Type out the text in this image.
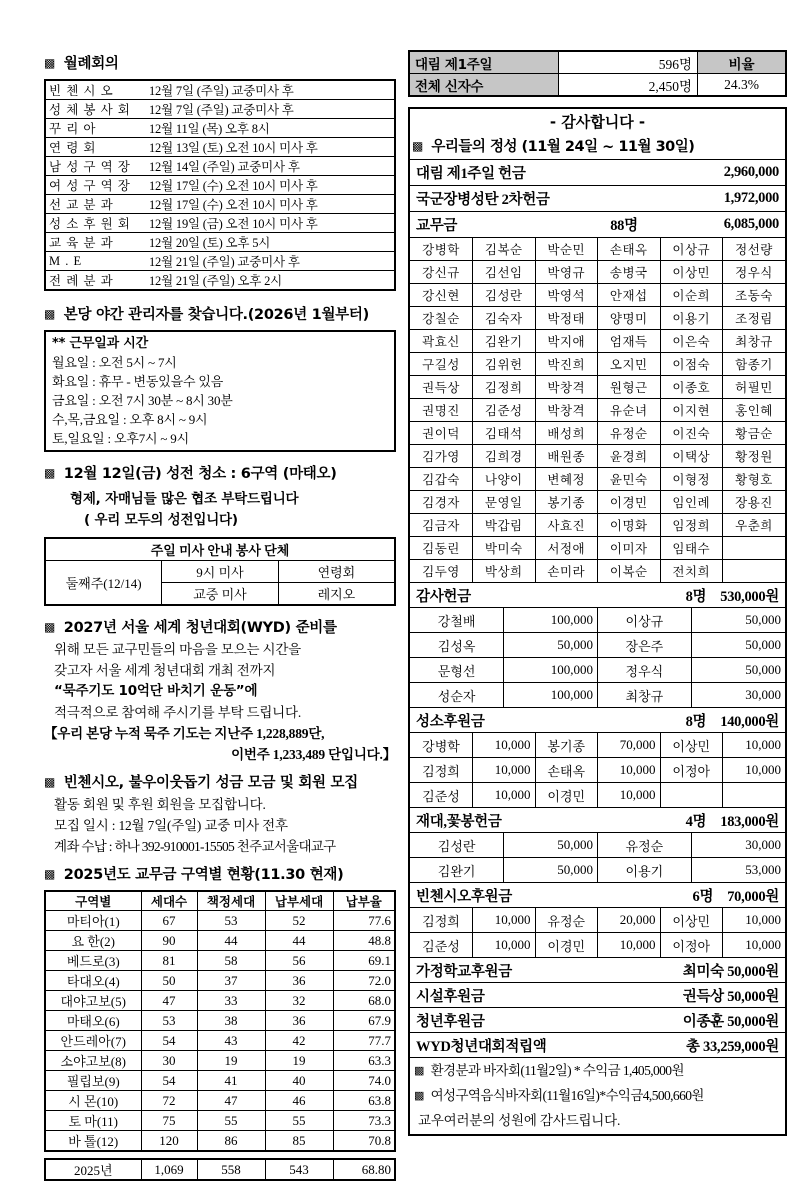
▩ 월례회의
빈 첸 시 오	12월 7일 (주일) 교중미사 후
성 체 봉 사 회	12월 7일 (주일) 교중미사 후
꾸 리 아	12월 11일 (목) 오후 8시
연 령 회	12월 13일 (토) 오전 10시 미사 후
남 성 구 역 장	12월 14일 (주일) 교중미사 후
여 성 구 역 장	12월 17일 (수) 오전 10시 미사 후
선 교 분 과	12월 17일 (수) 오전 10시 미사 후
성 소 후 원 회	12월 19일 (금) 오전 10시 미사 후
교 육 분 과	12월 20일 (토) 오후 5시
M . E	12월 21일 (주일) 교중미사 후
전 례 분 과	12월 21일 (주일) 오후 2시
▩ 본당 야간 관리자를 찾습니다.(2026년 1월부터)
** 근무일과 시간
월요일 : 오전 5시 ~ 7시
화요일 : 휴무 - 변동있을수 있음
금요일 : 오전 7시 30분 ~ 8시 30분
수,목,금요일 : 오후 8시 ~ 9시
토,일요일 : 오후7시 ~ 9시
▩ 12월 12일(금) 성전 청소 : 6구역 (마태오)
형제, 자매님들 많은 협조 부탁드립니다
( 우리 모두의 성전입니다)
주일 미사 안내 봉사 단체		
둘째주(12/14)	9시 미사	연령회
	교중 미사	레지오
▩ 2027년 서울 세계 청년대회(WYD) 준비를
위해 모든 교구민들의 마음을 모으는 시간을
갖고자 서울 세계 청년대회 개최 전까지
“묵주기도 10억단 바치기 운동”에
적극적으로 참여해 주시기를 부탁 드립니다.
【우리 본당 누적 묵주 기도는 지난주 1,228,889단,
이번주 1,233,489 단입니다.】
▩ 빈첸시오, 불우이웃돕기 성금 모금 및 회원 모집
활동 회원 및 후원 회원을 모집합니다.
모집 일시 : 12월 7일(주일) 교중 미사 전후
계좌 수납 : 하나 392-910001-15505 천주교서울대교구
▩ 2025년도 교무금 구역별 현황(11.30 현재)
구역별	세대수	책정세대	납부세대	납부율
마티아(1)	67	53	52	77.6
요 한(2)	90	44	44	48.8
베드로(3)	81	58	56	69.1
타대오(4)	50	37	36	72.0
대야고보(5)	47	33	32	68.0
마태오(6)	53	38	36	67.9
안드레아(7)	54	43	42	77.7
소야고보(8)	30	19	19	63.3
필립보(9)	54	41	40	74.0
시 몬(10)	72	47	46	63.8
토 마(11)	75	55	55	73.3
바 톨(12)	120	86	85	70.8
2025년	1,069	558	543	68.80
대림 제1주일	596명	비율
전체 신자수	2,450명	24.3%
- 감사합니다 -
▩ 우리들의 정성 (11월 24일 ~ 11월 30일)
대림 제1주일 헌금	2,960,000
국군장병성탄 2차헌금	1,972,000
교무금	88명	6,085,000
강병학	김복순	박순민	손태옥	이상규	정선량
강신규	김선임	박영규	송병국	이상민	정우식
강신현	김성란	박영석	안재섭	이순희	조동숙
강칠순	김숙자	박정태	양명미	이용기	조정림
곽효신	김완기	박지애	엄재득	이은숙	최창규
구길성	김위헌	박진희	오지민	이점숙	함종기
권득상	김정희	박창격	원형근	이종호	허필민
권명진	김준성	박창격	유순녀	이지현	홍인혜
권이덕	김태석	배성희	유정순	이진숙	황금순
김가영	김희경	배원종	윤경희	이택상	황정원
김갑숙	나양이	변혜정	윤민숙	이형정	황형호
김경자	문영일	봉기종	이경민	임인례	장용진
김금자	박갑림	사효진	이명화	임정희	우춘희
김동린	박미숙	서정애	이미자	임태수	
김두영	박상희	손미라	이복순	전치희	
감사헌금	8명 530,000원
강철배	100,000	이상규	50,000
김성옥	50,000	장은주	50,000
문형선	100,000	정우식	50,000
성순자	100,000	최창규	30,000
성소후원금	8명 140,000원
강병학	10,000	봉기종	70,000	이상민	10,000
김정희	10,000	손태옥	10,000	이정아	10,000
김준성	10,000	이경민	10,000		
재대,꽃봉헌금	4명 183,000원
김성란	50,000	유정순	30,000
김완기	50,000	이용기	53,000
빈첸시오후원금	6명 70,000원
김정희	10,000	유정순	20,000	이상민	10,000
김준성	10,000	이경민	10,000	이정아	10,000
가정학교후원금	최미숙 50,000원
시설후원금	권득상 50,000원
청년후원금	이종훈 50,000원
WYD청년대회적립액	총 33,259,000원
▩ 환경분과 바자회(11월2일) * 수익금 1,405,000원
▩ 여성구역음식바자회(11월16일)*수익금4,500,660원
교우여러분의 성원에 감사드립니다.
